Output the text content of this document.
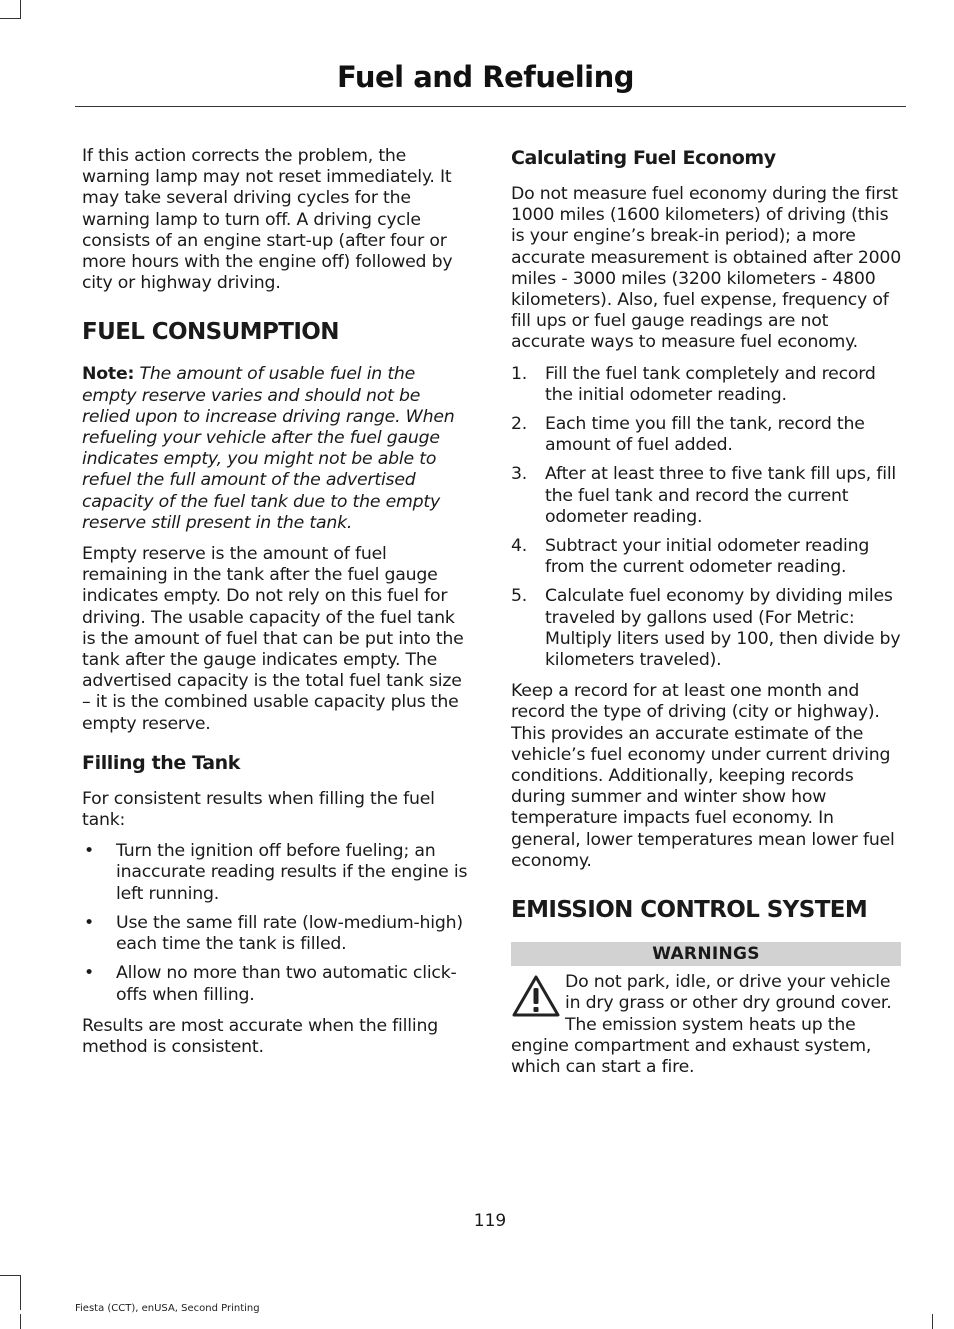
Fuel and Refueling

If this action corrects the problem, the warning lamp may not reset immediately. It may take several driving cycles for the warning lamp to turn off. A driving cycle consists of an engine start-up (after four or more hours with the engine off) followed by city or highway driving.

FUEL CONSUMPTION

Note: The amount of usable fuel in the empty reserve varies and should not be relied upon to increase driving range. When refueling your vehicle after the fuel gauge indicates empty, you might not be able to refuel the full amount of the advertised capacity of the fuel tank due to the empty reserve still present in the tank.

Empty reserve is the amount of fuel remaining in the tank after the fuel gauge indicates empty. Do not rely on this fuel for driving. The usable capacity of the fuel tank is the amount of fuel that can be put into the tank after the gauge indicates empty. The advertised capacity is the total fuel tank size – it is the combined usable capacity plus the empty reserve.

Filling the Tank

For consistent results when filling the fuel tank:

• Turn the ignition off before fueling; an inaccurate reading results if the engine is left running.
• Use the same fill rate (low-medium-high) each time the tank is filled.
• Allow no more than two automatic click-offs when filling.

Results are most accurate when the filling method is consistent.

Calculating Fuel Economy

Do not measure fuel economy during the first 1000 miles (1600 kilometers) of driving (this is your engine’s break-in period); a more accurate measurement is obtained after 2000 miles - 3000 miles (3200 kilometers - 4800 kilometers). Also, fuel expense, frequency of fill ups or fuel gauge readings are not accurate ways to measure fuel economy.

1. Fill the fuel tank completely and record the initial odometer reading.
2. Each time you fill the tank, record the amount of fuel added.
3. After at least three to five tank fill ups, fill the fuel tank and record the current odometer reading.
4. Subtract your initial odometer reading from the current odometer reading.
5. Calculate fuel economy by dividing miles traveled by gallons used (For Metric: Multiply liters used by 100, then divide by kilometers traveled).

Keep a record for at least one month and record the type of driving (city or highway). This provides an accurate estimate of the vehicle’s fuel economy under current driving conditions. Additionally, keeping records during summer and winter show how temperature impacts fuel economy. In general, lower temperatures mean lower fuel economy.

EMISSION CONTROL SYSTEM
WARNINGS

Do not park, idle, or drive your vehicle in dry grass or other dry ground cover. The emission system heats up the engine compartment and exhaust system, which can start a fire.

119
Fiesta (CCT), enUSA, Second Printing
